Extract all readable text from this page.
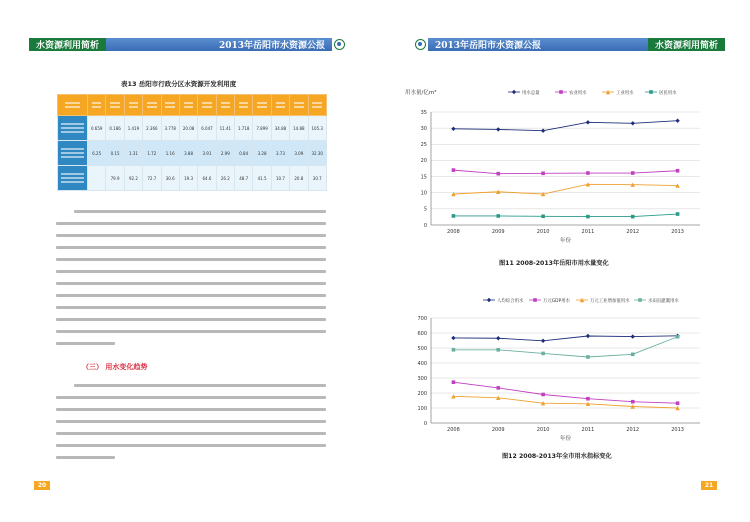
水资源利用简析	2013年岳阳市水资源公报
表13 岳阳市行政分区水资源开发利用度

	0.659	0.186	1.419	2.366	3.778	20.08	6.047	11.41	1.718	7.899	34.88	14.88	105.3

	6.25	0.15	1.31	1.72	1.16	3.88	3.91	2.99	0.84	3.28	3.73	3.09	32.30

		79.9	92.2	72.7	30.6	19.3	64.6	26.2	48.7	41.5	10.7	20.8	30.7
（三） 用水变化趋势
20
2013年岳阳市水资源公报	水资源利用简析
用水量/亿m³	用水总量	农业用水	工业用水	居民用水
0
5
10
15
20
25
30
35
2008	2009	2010	2011	2012	2013
年份
图11 2008-2013年岳阳市用水量变化
人均综合用水	万元GDP用水	万元工业增加值用水	水田亩灌溉用水
0
100
200
300
400
500
600
700
2008	2009	2010	2011	2012	2013
年份
图12 2008-2013年全市用水指标变化
21
